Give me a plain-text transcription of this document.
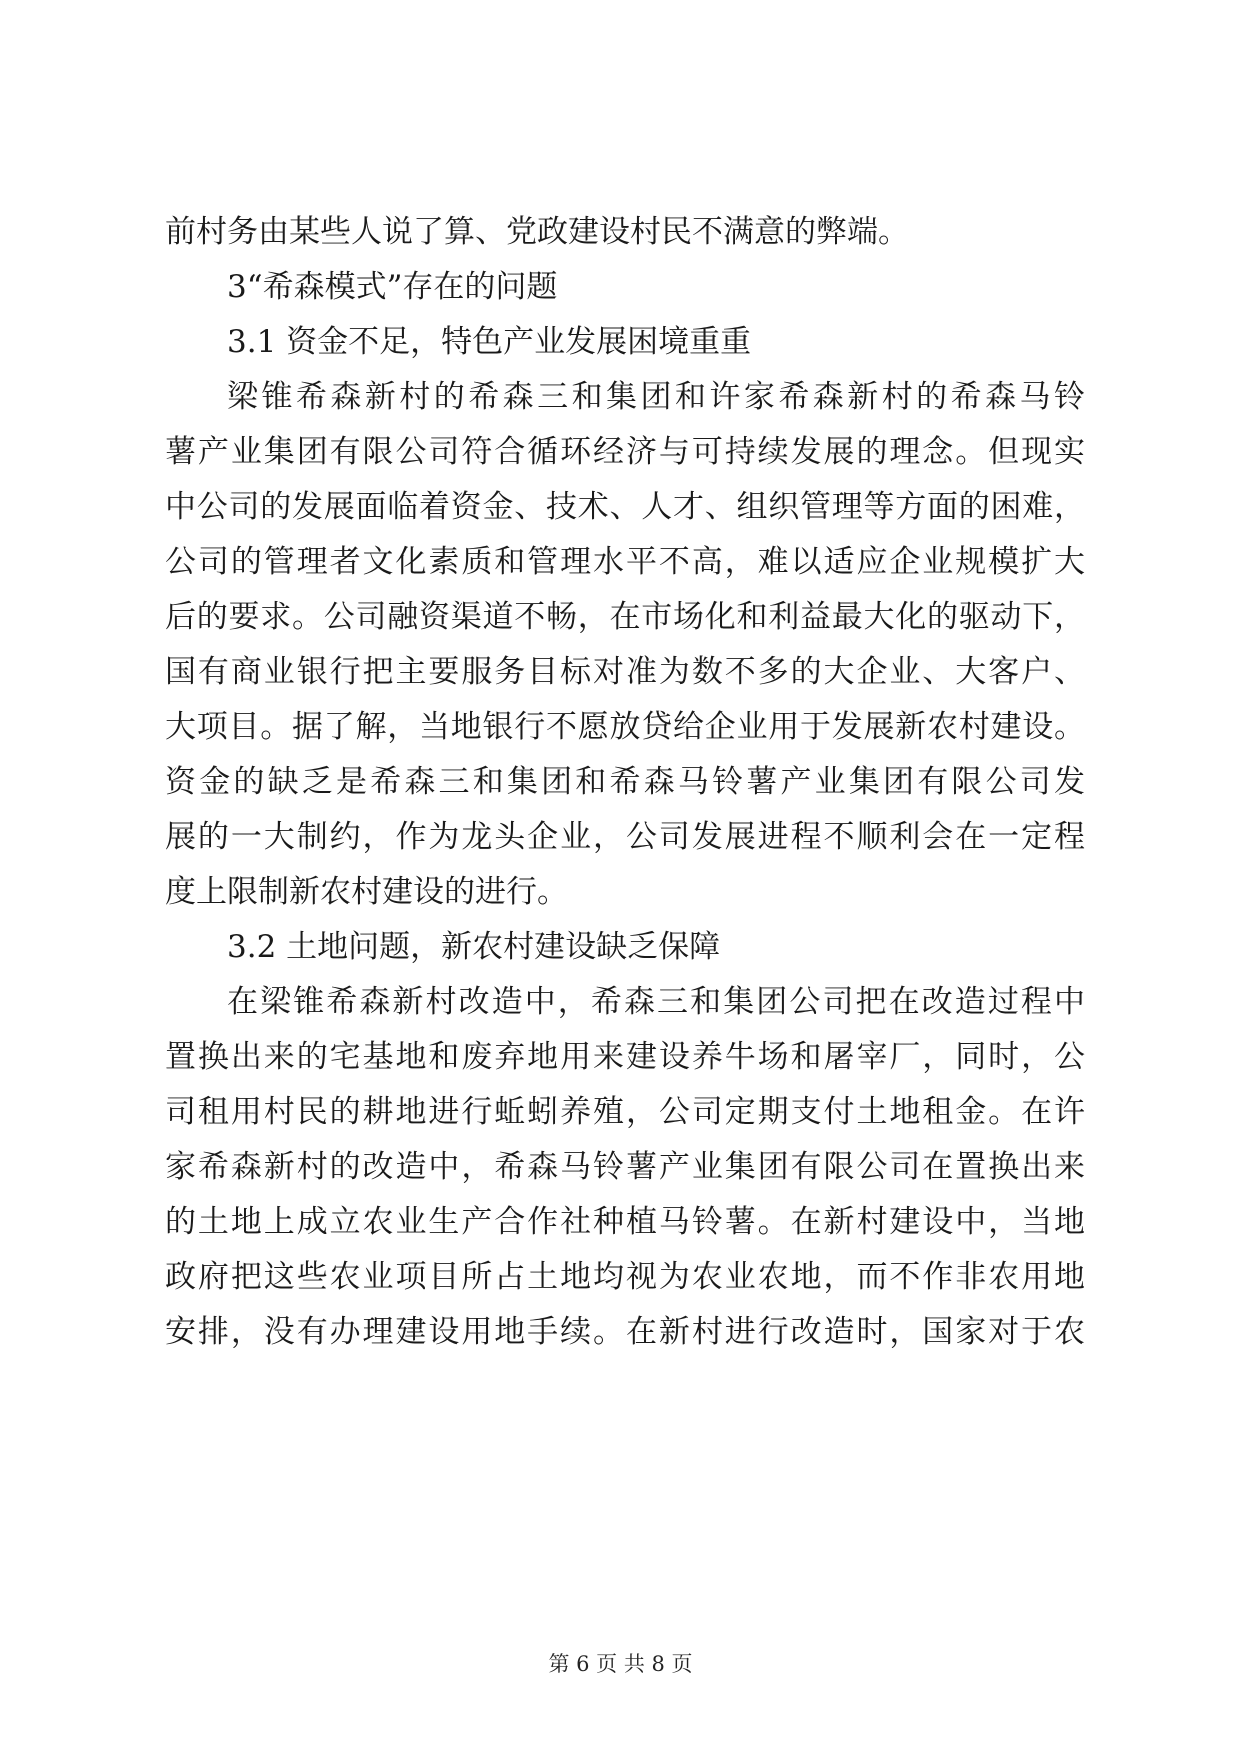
前村务由某些人说了算、党政建设村民不满意的弊端。
3“希森模式”存在的问题
3.1 资金不足，特色产业发展困境重重
梁锥希森新村的希森三和集团和许家希森新村的希森马铃
薯产业集团有限公司符合循环经济与可持续发展的理念。但现实
中公司的发展面临着资金、技术、人才、组织管理等方面的困难，
公司的管理者文化素质和管理水平不高，难以适应企业规模扩大
后的要求。公司融资渠道不畅，在市场化和利益最大化的驱动下，
国有商业银行把主要服务目标对准为数不多的大企业、大客户、
大项目。据了解，当地银行不愿放贷给企业用于发展新农村建设。
资金的缺乏是希森三和集团和希森马铃薯产业集团有限公司发
展的一大制约，作为龙头企业，公司发展进程不顺利会在一定程
度上限制新农村建设的进行。
3.2 土地问题，新农村建设缺乏保障
在梁锥希森新村改造中，希森三和集团公司把在改造过程中
置换出来的宅基地和废弃地用来建设养牛场和屠宰厂，同时，公
司租用村民的耕地进行蚯蚓养殖，公司定期支付土地租金。在许
家希森新村的改造中，希森马铃薯产业集团有限公司在置换出来
的土地上成立农业生产合作社种植马铃薯。在新村建设中，当地
政府把这些农业项目所占土地均视为农业农地，而不作非农用地
安排，没有办理建设用地手续。在新村进行改造时，国家对于农
第 6 页 共 8 页
